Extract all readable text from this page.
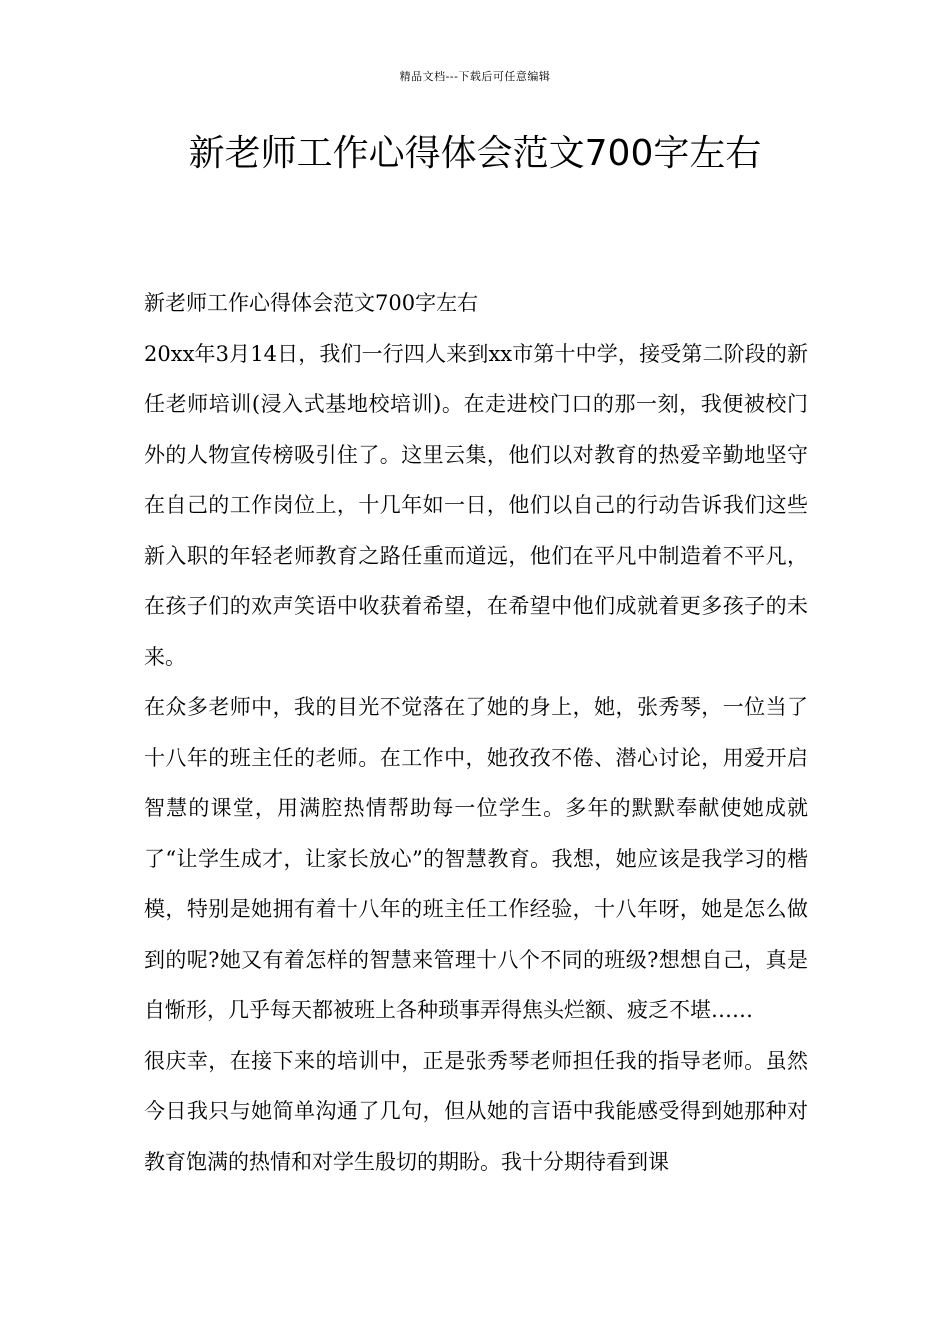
精品文档---下载后可任意编辑
新老师工作心得体会范文700字左右

新老师工作心得体会范文700字左右

20xx年3月14日，我们一行四人来到xx市第十中学，接受第二阶段的新任老师培训(浸入式基地校培训)。在走进校门口的那一刻，我便被校门外的人物宣传榜吸引住了。这里云集，他们以对教育的热爱辛勤地坚守在自己的工作岗位上，十几年如一日，他们以自己的行动告诉我们这些新入职的年轻老师教育之路任重而道远，他们在平凡中制造着不平凡，在孩子们的欢声笑语中收获着希望，在希望中他们成就着更多孩子的未来。

在众多老师中，我的目光不觉落在了她的身上，她，张秀琴，一位当了十八年的班主任的老师。在工作中，她孜孜不倦、潜心讨论，用爱开启智慧的课堂，用满腔热情帮助每一位学生。多年的默默奉献使她成就了“让学生成才，让家长放心”的智慧教育。我想，她应该是我学习的楷模，特别是她拥有着十八年的班主任工作经验，十八年呀，她是怎么做到的呢?她又有着怎样的智慧来管理十八个不同的班级?想想自己，真是自惭形，几乎每天都被班上各种琐事弄得焦头烂额、疲乏不堪……

很庆幸，在接下来的培训中，正是张秀琴老师担任我的指导老师。虽然今日我只与她简单沟通了几句，但从她的言语中我能感受得到她那种对教育饱满的热情和对学生殷切的期盼。我十分期待看到课
